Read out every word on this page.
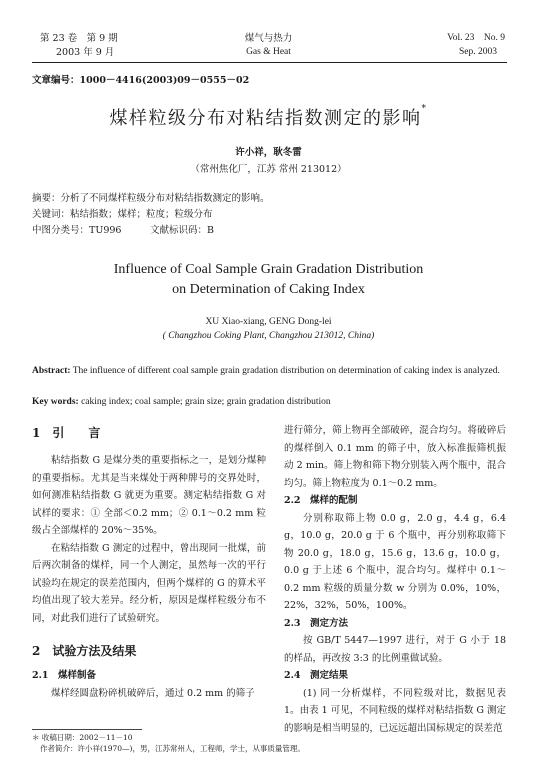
第 23 卷　第 9 期
2003 年 9 月
煤气与热力
Gas & Heat
Vol. 23　No. 9
Sep. 2003
文章编号：1000－4416(2003)09－0555－02
煤样粒级分布对粘结指数测定的影响*
许小祥，耿冬雷
（常州焦化厂，江苏 常州 213012）
摘要：分析了不同煤样粒级分布对粘结指数测定的影响。
关键词：粘结指数；煤样；粒度；粒级分布
中图分类号：TU996　　　文献标识码：B
Influence of Coal Sample Grain Gradation Distribution
on Determination of Caking Index
XU Xiao-xiang, GENG Dong-lei
( Changzhou Coking Plant, Changzhou 213012, China)
Abstract: The influence of different coal sample grain gradation distribution on determination of caking index is analyzed.
Key words: caking index; coal sample; grain size; grain gradation distribution
1　引　　言

粘结指数 G 是煤分类的重要指标之一，是划分煤种的重要指标。尤其是当来煤处于两种牌号的交界处时，如何测准粘结指数 G 就更为重要。测定粘结指数 G 对试样的要求：① 全部＜0.2 mm；② 0.1～0.2 mm 粒级占全部煤样的 20%～35%。

在粘结指数 G 测定的过程中，曾出现同一批煤，前后两次制备的煤样，同一个人测定，虽然每一次的平行试验均在规定的误差范围内，但两个煤样的 G 的算术平均值出现了较大差异。经分析，原因是煤样粒级分布不同，对此我们进行了试验研究。

2　试验方法及结果
2.1　煤样制备

煤样经圆盘粉碎机破碎后，通过 0.2 mm 的筛子

进行筛分，筛上物再全部破碎，混合均匀。将破碎后的煤样倒入 0.1 mm 的筛子中，放入标准振筛机振动 2 min。筛上物和筛下物分别装入两个瓶中，混合均匀。筛上物粒度为 0.1～0.2 mm。

2.2　煤样的配制

分别称取筛上物 0.0 g，2.0 g，4.4 g，6.4 g，10.0 g，20.0 g 于 6 个瓶中，再分别称取筛下物 20.0 g，18.0 g，15.6 g，13.6 g，10.0 g，0.0 g 于上述 6 个瓶中，混合均匀。煤样中 0.1～0.2 mm 粒级的质量分数 w 分别为 0.0%，10%，22%，32%，50%，100%。

2.3　测定方法

按 GB/T 5447—1997 进行，对于 G 小于 18 的样品，再改按 3:3 的比例重做试验。

2.4　测定结果

(1) 同一分析煤样，不同粒级对比，数据见表 1。由表 1 可见，不同粒级的煤样对粘结指数 G 测定的影响是相当明显的，已远远超出国标规定的误差范

＊ 收稿日期：2002－11－10
作者简介：许小祥(1970—)，男，江苏常州人，工程师，学士，从事质量管理。
